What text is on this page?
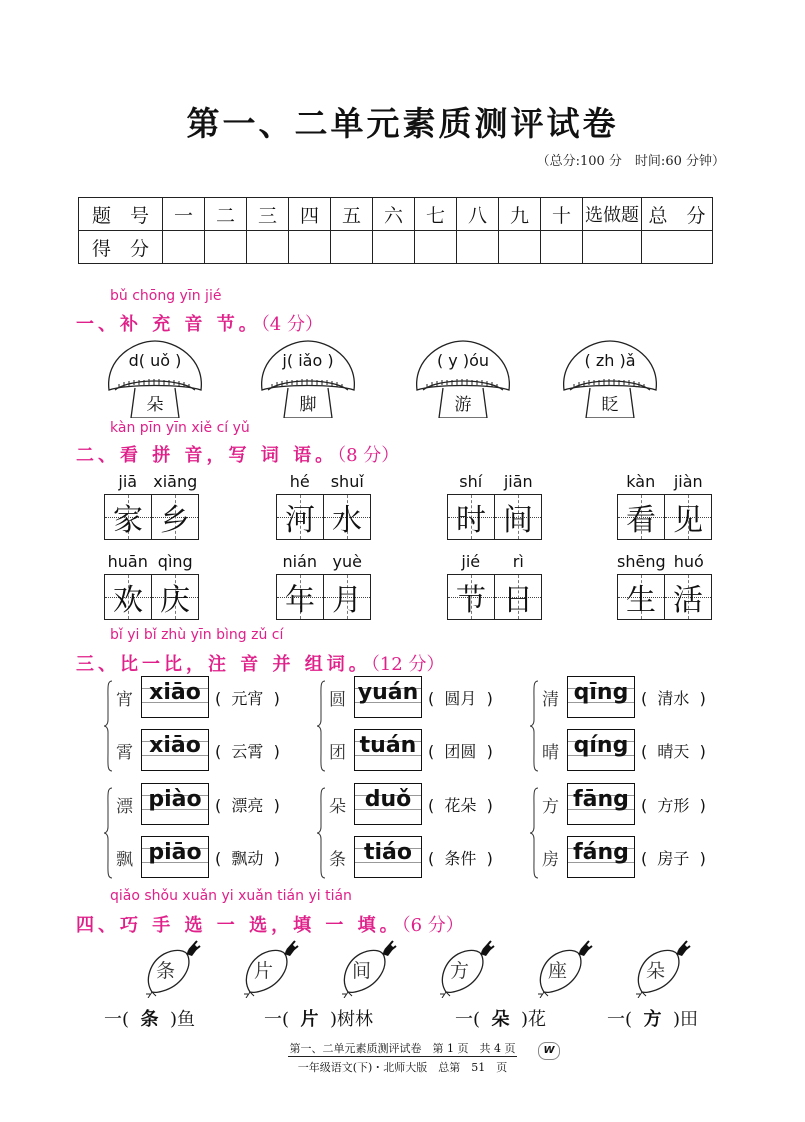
第一、二单元素质测评试卷
（总分:100 分　时间:60 分钟）
题　号	一	二	三	四	五	六	七	八	九	十	选做题	总　分
得　分												
bǔ chōng yīn jié
一、补 充 音 节。（4 分）
d( uǒ )
朵
j( iǎo )
脚
( y )óu
游
( zh )ǎ
眨
kàn pīn yīn xiě cí yǔ
二、看 拼 音，写 词 语。（8 分）
jiā	xiāng
家 乡
hé	shuǐ
河 水
shí	jiān
时 间
kàn	jiàn
看 见
huān qìng
欢 庆
nián yuè
年 月
jié	rì
节 日
shēng huó
生 活
bǐ yi bǐ zhù yīn bìng zǔ cí
三、比一比，注 音 并 组词。（12 分）
宵 xiāo (  元宵  )
霄 xiāo (  云霄  )
圆 yuán (  圆月  )
团 tuán (  团圆  )
清 qīng (  清水  )
晴 qíng (  晴天  )
漂 piào (  漂亮  )
飘 piāo (  飘动  )
朵 duǒ	(  花朵  )
条 tiáo (  条件  )
方 fāng (  方形  )
房 fáng (  房子  )
qiǎo shǒu xuǎn yi xuǎn tián yi tián
四、巧 手 选 一 选，填 一 填。（6 分）
条	片	间	方	座	朵
一( 条 )鱼	一( 片 )树林	一( 朵 )花	一( 方 )田
第一、二单元素质测评试卷　第 1 页　共 4 页
一年级语文(下)・北师大版　总第　51　页
W
